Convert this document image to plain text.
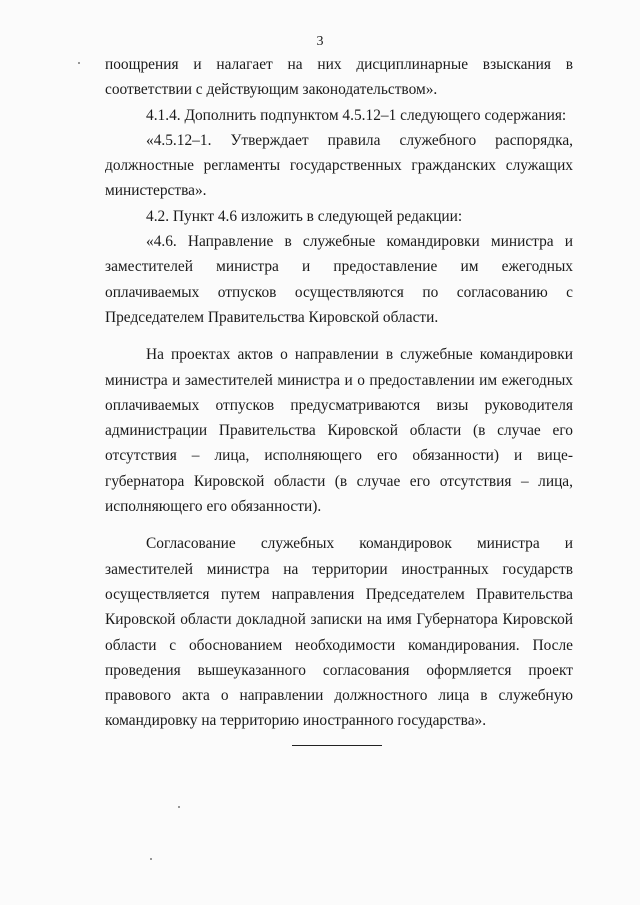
3

поощрения и налагает на них дисциплинарные взыскания в соответствии с действующим законодательством».

4.1.4. Дополнить подпунктом 4.5.12–1 следующего содержания:

«4.5.12–1. Утверждает правила служебного распорядка, должностные регламенты государственных гражданских служащих министерства».

4.2. Пункт 4.6 изложить в следующей редакции:

«4.6. Направление в служебные командировки министра и заместителей министра и предоставление им ежегодных оплачиваемых отпусков осуществляются по согласованию с Председателем Правительства Кировской области.

На проектах актов о направлении в служебные командировки министра и заместителей министра и о предоставлении им ежегодных оплачиваемых отпусков предусматриваются визы руководителя администрации Правительства Кировской области (в случае его отсутствия – лица, исполняющего его обязанности) и вице-губернатора Кировской области (в случае его отсутствия – лица, исполняющего его обязанности).

Согласование служебных командировок министра и заместителей министра на территории иностранных государств осуществляется путем направления Председателем Правительства Кировской области докладной записки на имя Губернатора Кировской области с обоснованием необходимости командирования. После проведения вышеуказанного согласования оформляется проект правового акта о направлении должностного лица в служебную командировку на территорию иностранного государства».
